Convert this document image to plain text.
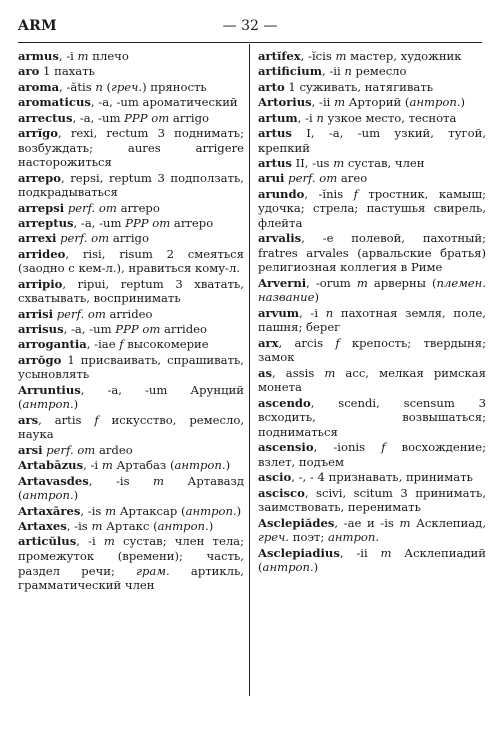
ARM	— 32 —
armus, -i m плечо
aro 1 пахать
aroma, -ătis n (греч.) пряность
aromaticus, -a, -um ароматический
arrectus, -a, -um PPP от arrigo
arrĭgo, rexi, rectum 3 поднимать; возбуждать; aures arrigere насторожиться
arrepo, repsi, reptum 3 подползать, подкрадываться
arrepsi perf. от arrepo
arreptus, -a, -um PPP от arrepo
arrexi perf. от arrigo
arrideo, risi, risum 2 смеяться (заодно с кем-л.), нравиться кому-л.
arripio, ripui, reptum 3 хватать, схватывать, воспринимать
arrisi perf. от arrideo
arrisus, -a, -um PPP от arrideo
arrogantia, -iae f высокомерие
arrŏgo 1 присваивать, спрашивать, усыновлять
Arruntius, -a, -um Арунций (антроп.)
ars, artis f искусство, ремесло, наука
arsi perf. от ardeo
Artabāzus, -i m Артабаз (антроп.)
Artavasdes, -is m Артавазд (антроп.)
Artaxāres, -is m Артаксар (антроп.)
Artaxes, -is m Артакс (антроп.)
articŭlus, -i m сустав; член тела; промежуток (времени); часть, раздел речи; грам. артикль, грамматический член
artĭfex, -ĭcis m мастер, художник
artificium, -ii n ремесло
arto 1 суживать, натягивать
Artorius, -ii m Арторий (антроп.)
artum, -i n узкое место, теснота
artus I, -a, -um узкий, тугой, крепкий
artus II, -us m сустав, член
arui perf. от areo
arundo, -ĭnis f тростник, камыш; удочка; стрела; пастушья свирель, флейта
arvalis, -e полевой, пахотный; fratres arvales (арвальские братья) религиозная коллегия в Риме
Arverni, -orum m арверны (племен. название)
arvum, -i n пахотная земля, поле, пашня; берег
arx, arcis f крепость; твердыня; замок
as, assis m асс, мелкая римская монета
ascendo, scendi, scensum 3 всходить, возвышаться; подниматься
ascensio, -ionis f восхождение; взлет, подъем
ascio, -, - 4 признавать, принимать
ascisco, scivi, scitum 3 принимать, заимствовать, перенимать
Asclepiădes, -ae и -is m Асклепиад, греч. поэт; антроп.
Asclepiadius, -ii m Асклепиадий (антроп.)
